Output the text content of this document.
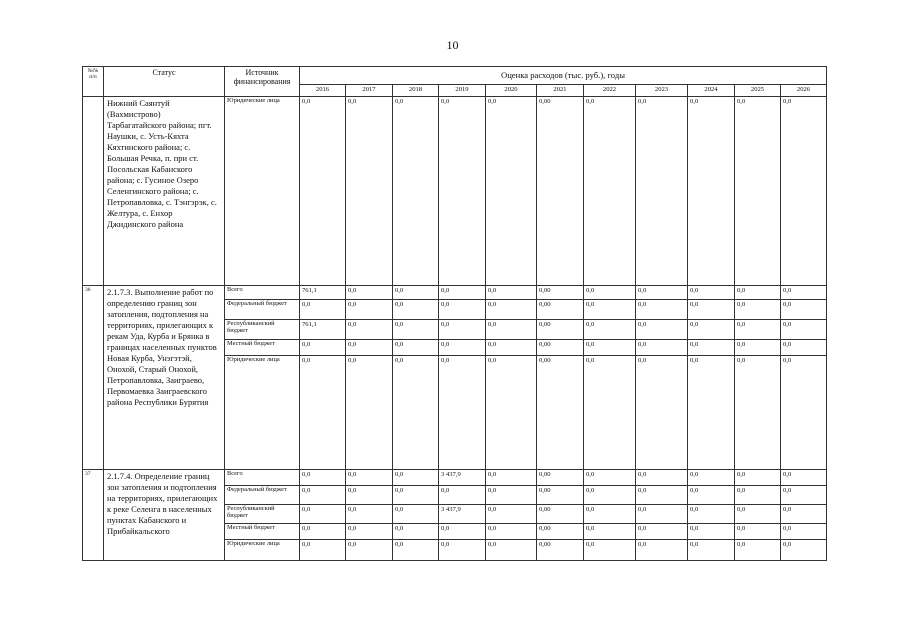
10
№№ п/п	Статус	Источник финансирования	Оценка расходов (тыс. руб.), годы										
			2016	2017	2018	2019	2020	2021	2022	2023	2024	2025	2026
	Нижний Саянтуй (Вахмистрово) Тарбагатайского района; пгт. Наушки, с. Усть-Кяхта Кяхтинского района; с. Большая Речка, п. при ст. Посольская Кабанского района; с. Гусиное Озеро Селенгинского района; с. Петропавловка, с. Тэнгэрэк, с. Желтура, с. Енхор Джидинского района	Юридические лица	0,0	0,0	0,0	0,0	0,0	0,00	0,0	0,0	0,0	0,0	0,0
36	2.1.7.3. Выполнение работ по определению границ зон затопления, подтопления на территориях, прилегающих к рекам Уда, Курба и Брянка в границах населенных пунктов Новая Курба, Унэгэтэй, Онохой, Старый Онохой, Петропавловка, Заиграево, Первомаевка Заиграевского района Республики Бурятия	Всего	761,1	0,0	0,0	0,0	0,0	0,00	0,0	0,0	0,0	0,0	0,0
		Федеральный бюджет	0,0	0,0	0,0	0,0	0,0	0,00	0,0	0,0	0,0	0,0	0,0
		Республиканский бюджет	761,1	0,0	0,0	0,0	0,0	0,00	0,0	0,0	0,0	0,0	0,0
		Местный бюджет	0,0	0,0	0,0	0,0	0,0	0,00	0,0	0,0	0,0	0,0	0,0
		Юридические лица	0,0	0,0	0,0	0,0	0,0	0,00	0,0	0,0	0,0	0,0	0,0
37	2.1.7.4. Определение границ зон затопления и подтопления на территориях, прилегающих к реке Селенга в населенных пунктах Кабанского и Прибайкальского	Всего	0,0	0,0	0,0	3 437,9	0,0	0,00	0,0	0,0	0,0	0,0	0,0
		Федеральный бюджет	0,0	0,0	0,0	0,0	0,0	0,00	0,0	0,0	0,0	0,0	0,0
		Республиканский бюджет	0,0	0,0	0,0	3 437,9	0,0	0,00	0,0	0,0	0,0	0,0	0,0
		Местный бюджет	0,0	0,0	0,0	0,0	0,0	0,00	0,0	0,0	0,0	0,0	0,0
		Юридические лица	0,0	0,0	0,0	0,0	0,0	0,00	0,0	0,0	0,0	0,0	0,0
